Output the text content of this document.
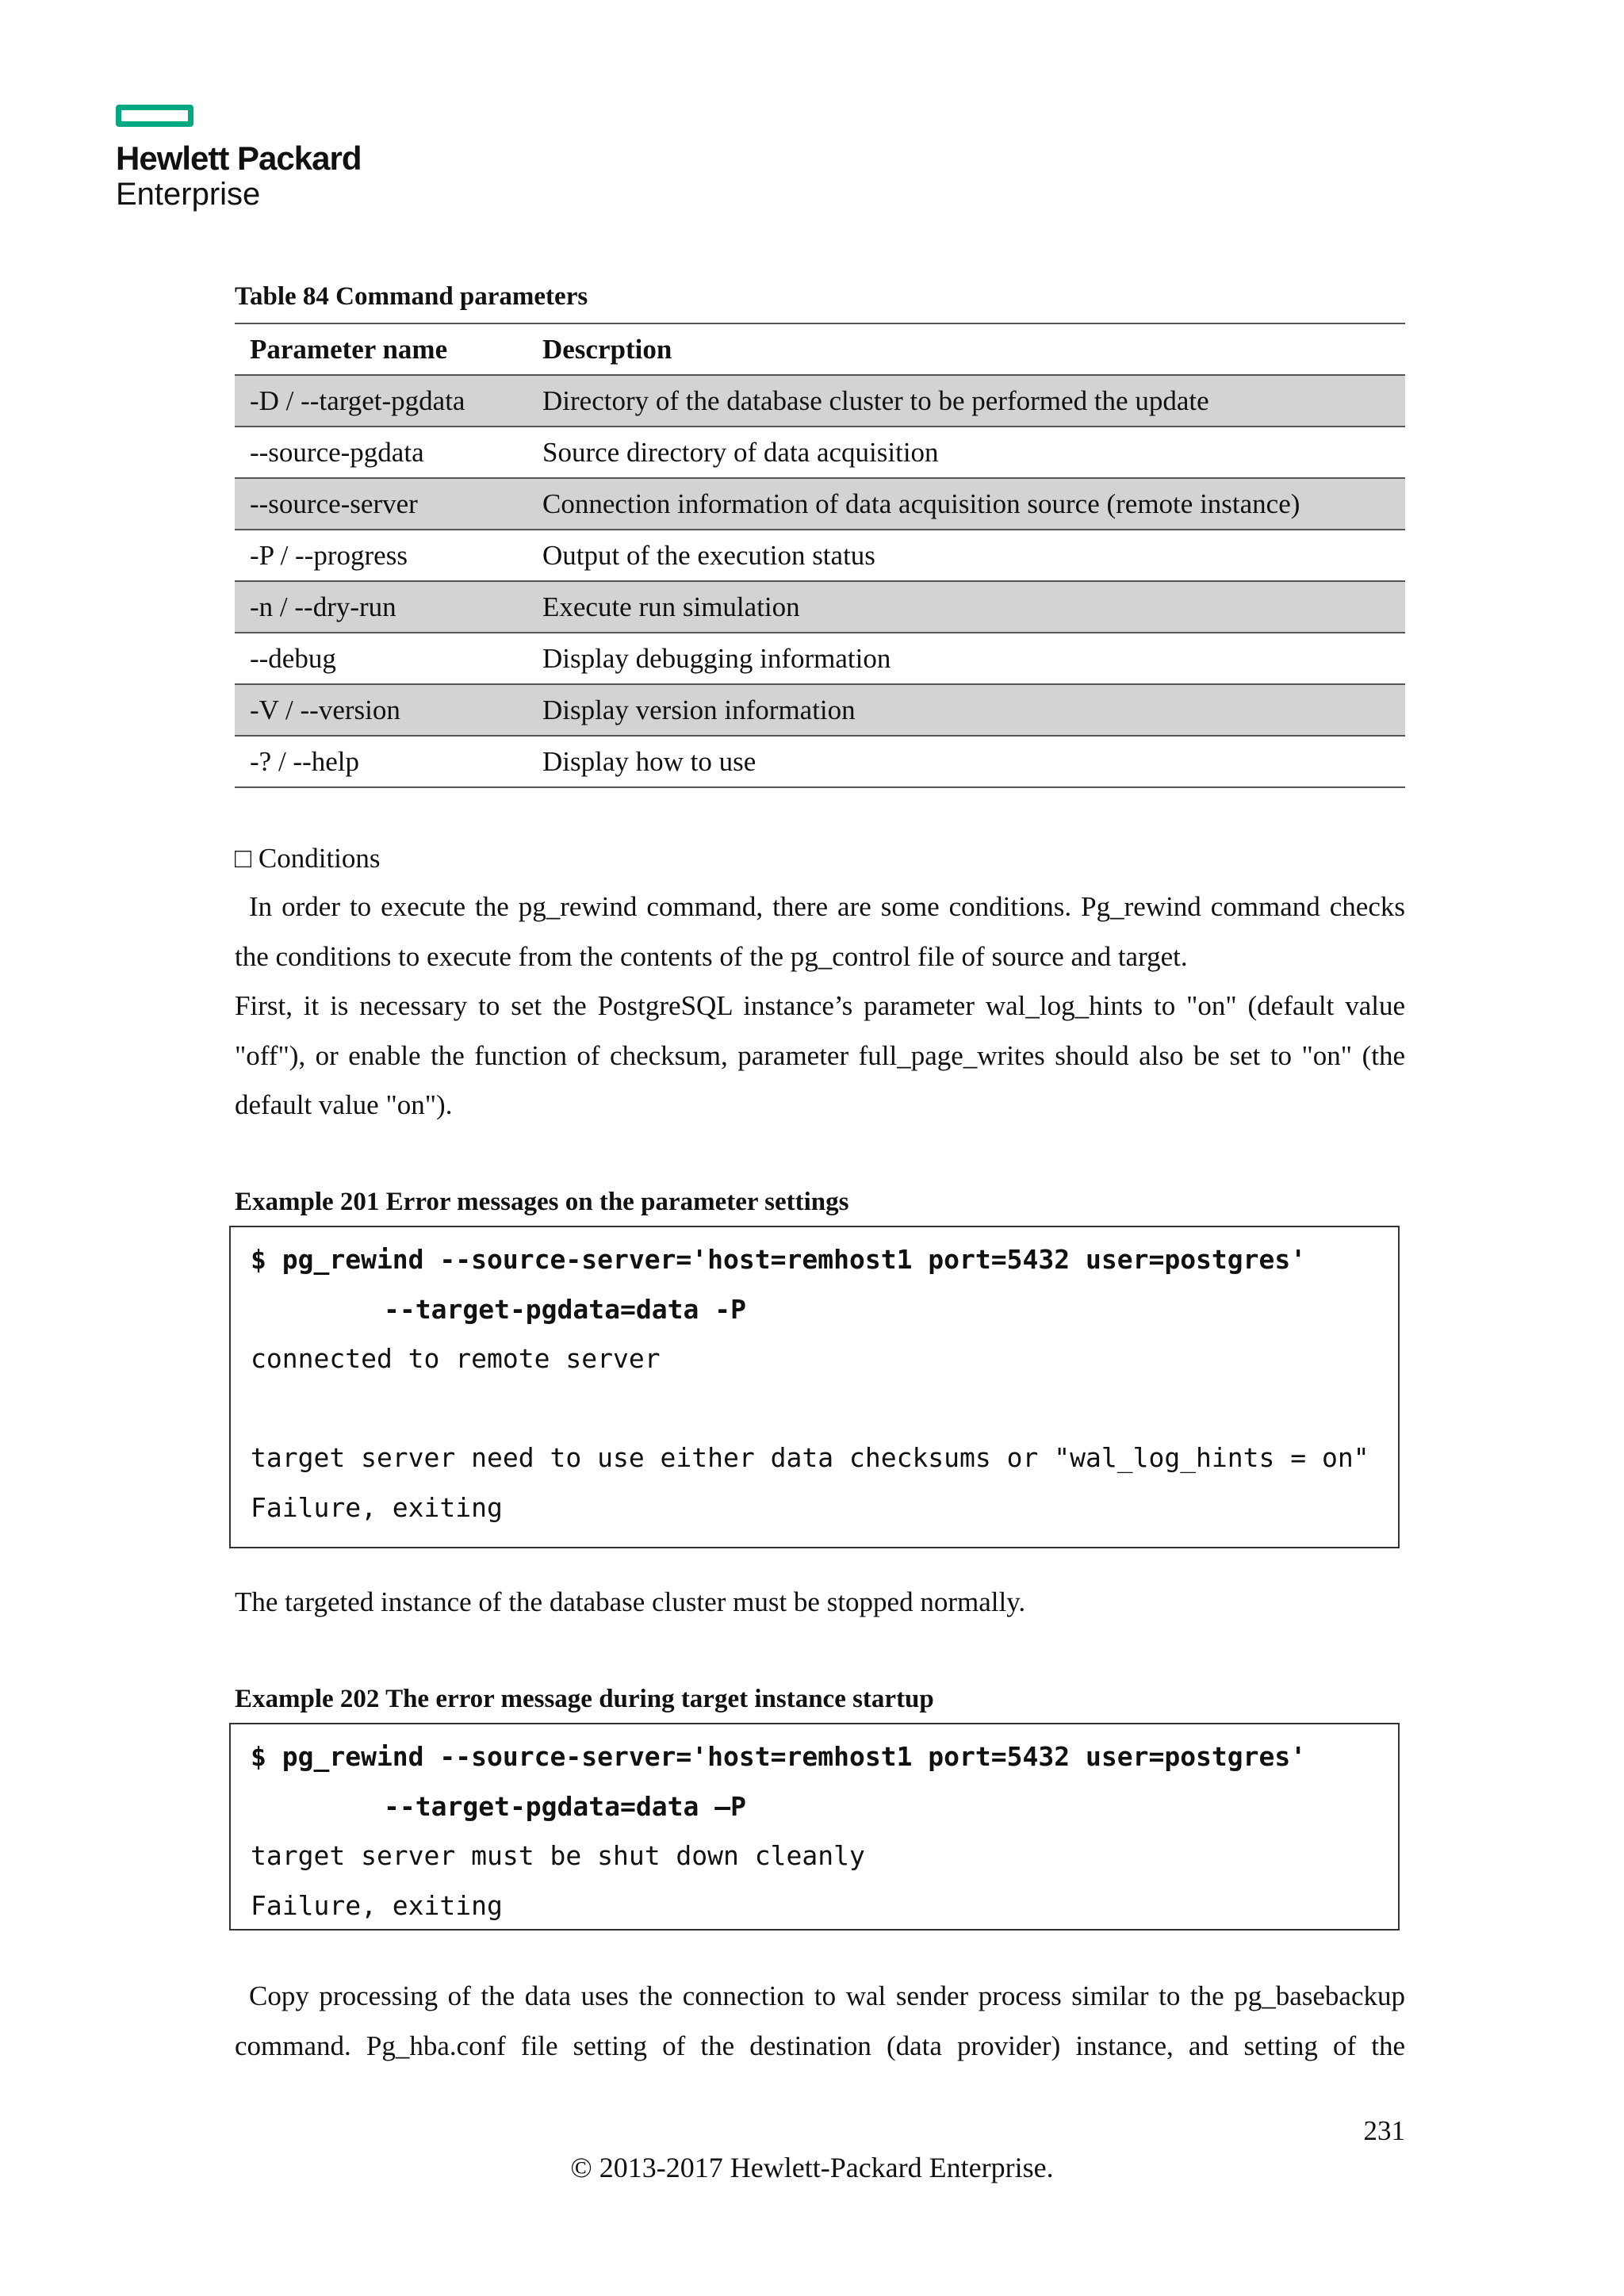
Hewlett Packard
Enterprise
Table 84 Command parameters
Parameter name	Descrption
-D / --target-pgdata	Directory of the database cluster to be performed the update
--source-pgdata	Source directory of data acquisition
--source-server	Connection information of data acquisition source (remote instance)
-P / --progress	Output of the execution status
-n / --dry-run	Execute run simulation
--debug	Display debugging information
-V / --version	Display version information
-? / --help	Display how to use
□ Conditions
In order to execute the pg_rewind command, there are some conditions. Pg_rewind command checks the conditions to execute from the contents of the pg_control file of source and target.
First, it is necessary to set the PostgreSQL instance’s parameter wal_log_hints to "on" (default value "off"), or enable the function of checksum, parameter full_page_writes should also be set to "on" (the default value "on").
Example 201 Error messages on the parameter settings
$ pg_rewind --source-server='host=remhost1 port=5432 user=postgres'
--target-pgdata=data -P
connected to remote server
target server need to use either data checksums or "wal_log_hints = on"
Failure, exiting
The targeted instance of the database cluster must be stopped normally.
Example 202 The error message during target instance startup
$ pg_rewind --source-server='host=remhost1 port=5432 user=postgres'
--target-pgdata=data –P
target server must be shut down cleanly
Failure, exiting
Copy processing of the data uses the connection to wal sender process similar to the pg_basebackup command. Pg_hba.conf file setting of the destination (data provider) instance, and setting of the
231
© 2013-2017 Hewlett-Packard Enterprise.
